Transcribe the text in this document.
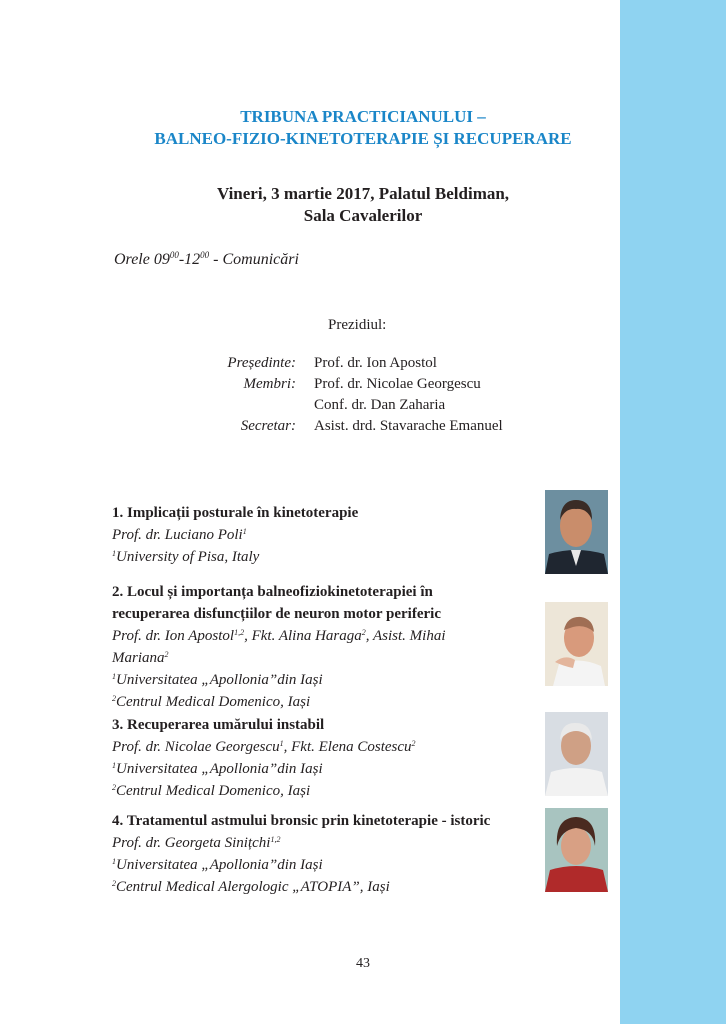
TRIBUNA PRACTICIANULUI –
BALNEO-FIZIO-KINETOTERAPIE ȘI RECUPERARE
Vineri, 3 martie 2017, Palatul Beldiman,
Sala Cavalerilor
Orele $09^{00}-12^{00}$ - Comunicări
Prezidiul:
Președinte: Prof. dr. Ion Apostol
Membri: Prof. dr. Nicolae Georgescu
Conf. dr. Dan Zaharia
Secretar: Asist. drd. Stavarache Emanuel
1. Implicații posturale în kinetoterapie
Prof. dr. Luciano Poli$^1$
$^1$University of Pisa, Italy
2. Locul și importanța balneofiziokinetoterapiei în
recuperarea disfuncțiilor de neuron motor periferic
Prof. dr. Ion Apostol$^{1,2}$, Fkt. Alina Haraga$^2$, Asist. Mihai
Mariana$^2$
$^1$Universitatea „Apollonia”din Iași
$^2$Centrul Medical Domenico, Iași
3. Recuperarea umărului instabil
Prof. dr. Nicolae Georgescu$^1$, Fkt. Elena Costescu$^2$
$^1$Universitatea „Apollonia”din Iași
$^2$Centrul Medical Domenico, Iași
4. Tratamentul astmului bronsic prin kinetoterapie - istoric
Prof. dr. Georgeta Sinițchi$^{1,2}$
$^1$Universitatea „Apollonia”din Iași
$^2$Centrul Medical Alergologic „ATOPIA”, Iași
43
